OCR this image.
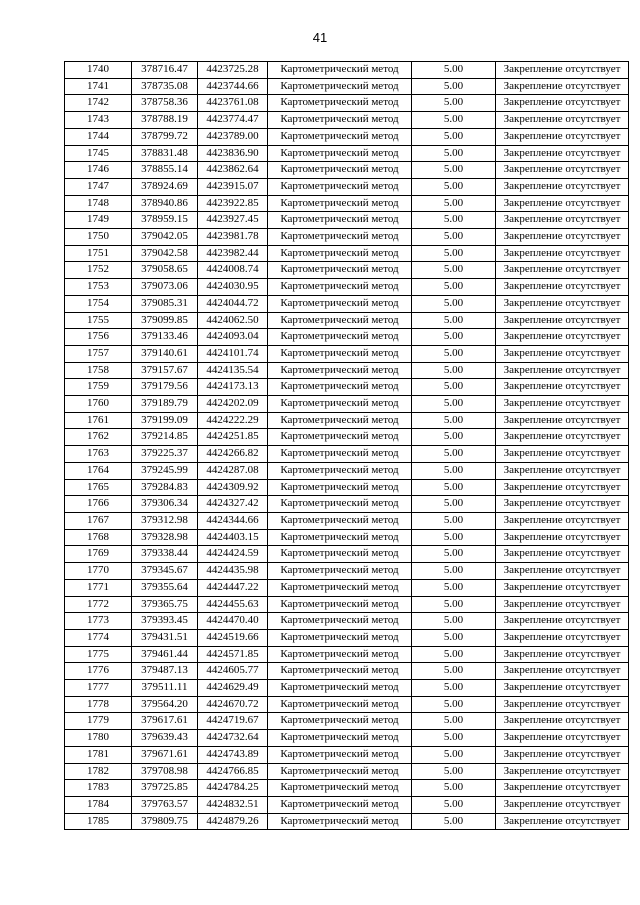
41
1740	378716.47	4423725.28	Картометрический метод	5.00	Закрепление отсутствует
1741	378735.08	4423744.66	Картометрический метод	5.00	Закрепление отсутствует
1742	378758.36	4423761.08	Картометрический метод	5.00	Закрепление отсутствует
1743	378788.19	4423774.47	Картометрический метод	5.00	Закрепление отсутствует
1744	378799.72	4423789.00	Картометрический метод	5.00	Закрепление отсутствует
1745	378831.48	4423836.90	Картометрический метод	5.00	Закрепление отсутствует
1746	378855.14	4423862.64	Картометрический метод	5.00	Закрепление отсутствует
1747	378924.69	4423915.07	Картометрический метод	5.00	Закрепление отсутствует
1748	378940.86	4423922.85	Картометрический метод	5.00	Закрепление отсутствует
1749	378959.15	4423927.45	Картометрический метод	5.00	Закрепление отсутствует
1750	379042.05	4423981.78	Картометрический метод	5.00	Закрепление отсутствует
1751	379042.58	4423982.44	Картометрический метод	5.00	Закрепление отсутствует
1752	379058.65	4424008.74	Картометрический метод	5.00	Закрепление отсутствует
1753	379073.06	4424030.95	Картометрический метод	5.00	Закрепление отсутствует
1754	379085.31	4424044.72	Картометрический метод	5.00	Закрепление отсутствует
1755	379099.85	4424062.50	Картометрический метод	5.00	Закрепление отсутствует
1756	379133.46	4424093.04	Картометрический метод	5.00	Закрепление отсутствует
1757	379140.61	4424101.74	Картометрический метод	5.00	Закрепление отсутствует
1758	379157.67	4424135.54	Картометрический метод	5.00	Закрепление отсутствует
1759	379179.56	4424173.13	Картометрический метод	5.00	Закрепление отсутствует
1760	379189.79	4424202.09	Картометрический метод	5.00	Закрепление отсутствует
1761	379199.09	4424222.29	Картометрический метод	5.00	Закрепление отсутствует
1762	379214.85	4424251.85	Картометрический метод	5.00	Закрепление отсутствует
1763	379225.37	4424266.82	Картометрический метод	5.00	Закрепление отсутствует
1764	379245.99	4424287.08	Картометрический метод	5.00	Закрепление отсутствует
1765	379284.83	4424309.92	Картометрический метод	5.00	Закрепление отсутствует
1766	379306.34	4424327.42	Картометрический метод	5.00	Закрепление отсутствует
1767	379312.98	4424344.66	Картометрический метод	5.00	Закрепление отсутствует
1768	379328.98	4424403.15	Картометрический метод	5.00	Закрепление отсутствует
1769	379338.44	4424424.59	Картометрический метод	5.00	Закрепление отсутствует
1770	379345.67	4424435.98	Картометрический метод	5.00	Закрепление отсутствует
1771	379355.64	4424447.22	Картометрический метод	5.00	Закрепление отсутствует
1772	379365.75	4424455.63	Картометрический метод	5.00	Закрепление отсутствует
1773	379393.45	4424470.40	Картометрический метод	5.00	Закрепление отсутствует
1774	379431.51	4424519.66	Картометрический метод	5.00	Закрепление отсутствует
1775	379461.44	4424571.85	Картометрический метод	5.00	Закрепление отсутствует
1776	379487.13	4424605.77	Картометрический метод	5.00	Закрепление отсутствует
1777	379511.11	4424629.49	Картометрический метод	5.00	Закрепление отсутствует
1778	379564.20	4424670.72	Картометрический метод	5.00	Закрепление отсутствует
1779	379617.61	4424719.67	Картометрический метод	5.00	Закрепление отсутствует
1780	379639.43	4424732.64	Картометрический метод	5.00	Закрепление отсутствует
1781	379671.61	4424743.89	Картометрический метод	5.00	Закрепление отсутствует
1782	379708.98	4424766.85	Картометрический метод	5.00	Закрепление отсутствует
1783	379725.85	4424784.25	Картометрический метод	5.00	Закрепление отсутствует
1784	379763.57	4424832.51	Картометрический метод	5.00	Закрепление отсутствует
1785	379809.75	4424879.26	Картометрический метод	5.00	Закрепление отсутствует
